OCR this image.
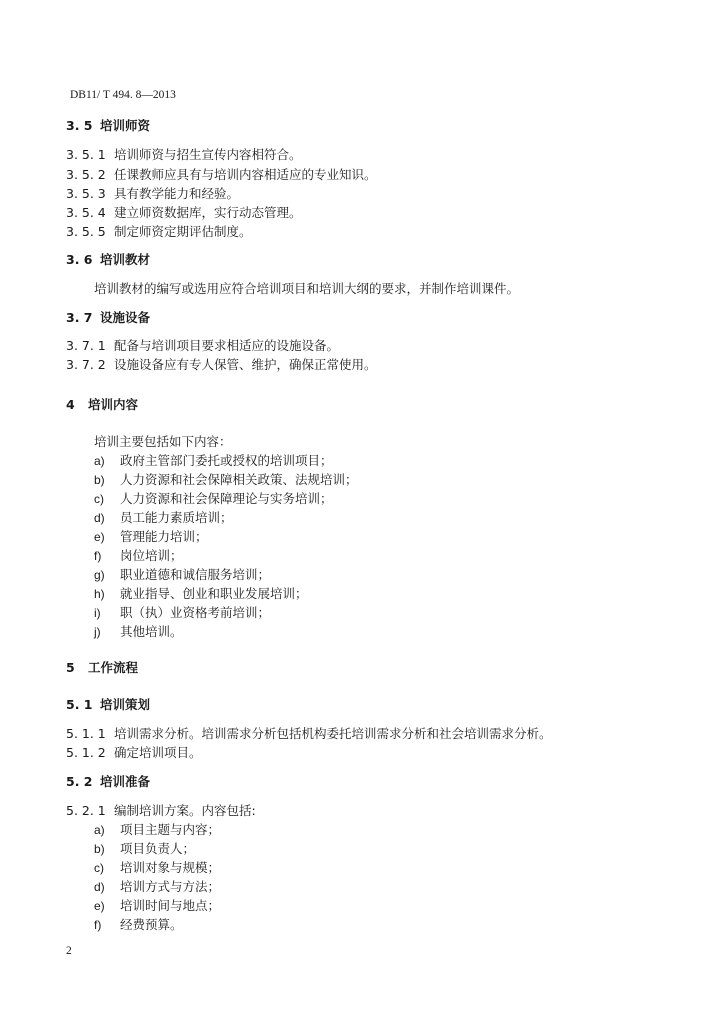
DB11/ T 494. 8—2013
3. 5 培训师资
3. 5. 1 培训师资与招生宣传内容相符合。
3. 5. 2 任课教师应具有与培训内容相适应的专业知识。
3. 5. 3 具有教学能力和经验。
3. 5. 4 建立师资数据库，实行动态管理。
3. 5. 5 制定师资定期评估制度。
3. 6 培训教材
培训教材的编写或选用应符合培训项目和培训大纲的要求，并制作培训课件。
3. 7 设施设备
3. 7. 1 配备与培训项目要求相适应的设施设备。
3. 7. 2 设施设备应有专人保管、维护，确保正常使用。
4 培训内容
培训主要包括如下内容：
a) 政府主管部门委托或授权的培训项目；
b) 人力资源和社会保障相关政策、法规培训；
c) 人力资源和社会保障理论与实务培训；
d) 员工能力素质培训；
e) 管理能力培训；
f) 岗位培训；
g) 职业道德和诚信服务培训；
h) 就业指导、创业和职业发展培训；
i) 职（执）业资格考前培训；
j) 其他培训。
5 工作流程
5. 1 培训策划
5. 1. 1 培训需求分析。培训需求分析包括机构委托培训需求分析和社会培训需求分析。
5. 1. 2 确定培训项目。
5. 2 培训准备
5. 2. 1 编制培训方案。内容包括:
a) 项目主题与内容；
b) 项目负责人；
c) 培训对象与规模；
d) 培训方式与方法；
e) 培训时间与地点；
f) 经费预算。
2
